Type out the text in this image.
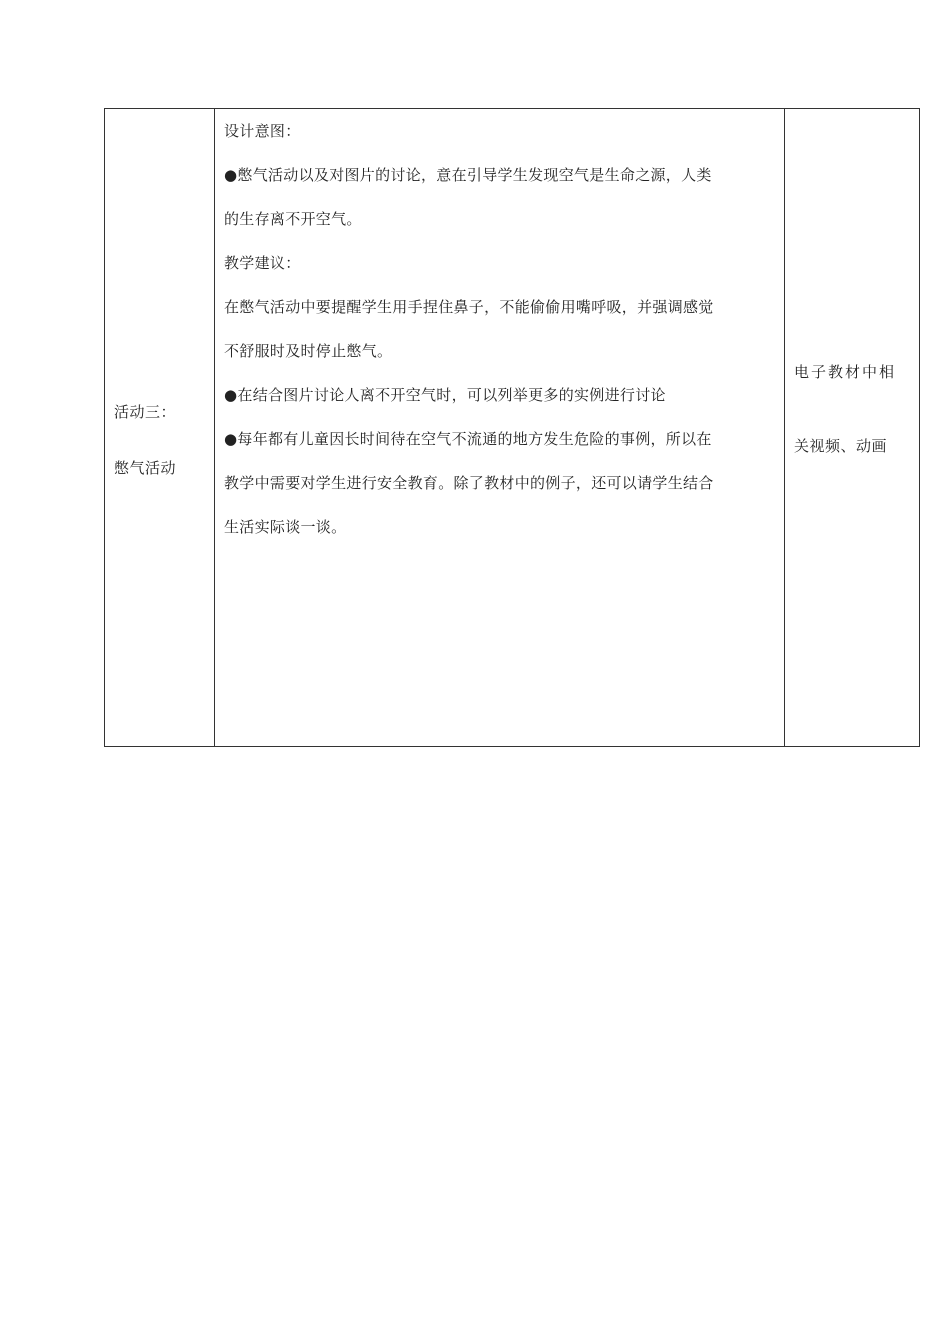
活动三：
憋气活动

设计意图：
●憋气活动以及对图片的讨论，意在引导学生发现空气是生命之源，人类
的生存离不开空气。
教学建议：
在憋气活动中要提醒学生用手捏住鼻子，不能偷偷用嘴呼吸，并强调感觉
不舒服时及时停止憋气。
●在结合图片讨论人离不开空气时，可以列举更多的实例进行讨论
●每年都有儿童因长时间待在空气不流通的地方发生危险的事例，所以在
教学中需要对学生进行安全教育。除了教材中的例子，还可以请学生结合
生活实际谈一谈。

电子教材中相
关视频、动画
